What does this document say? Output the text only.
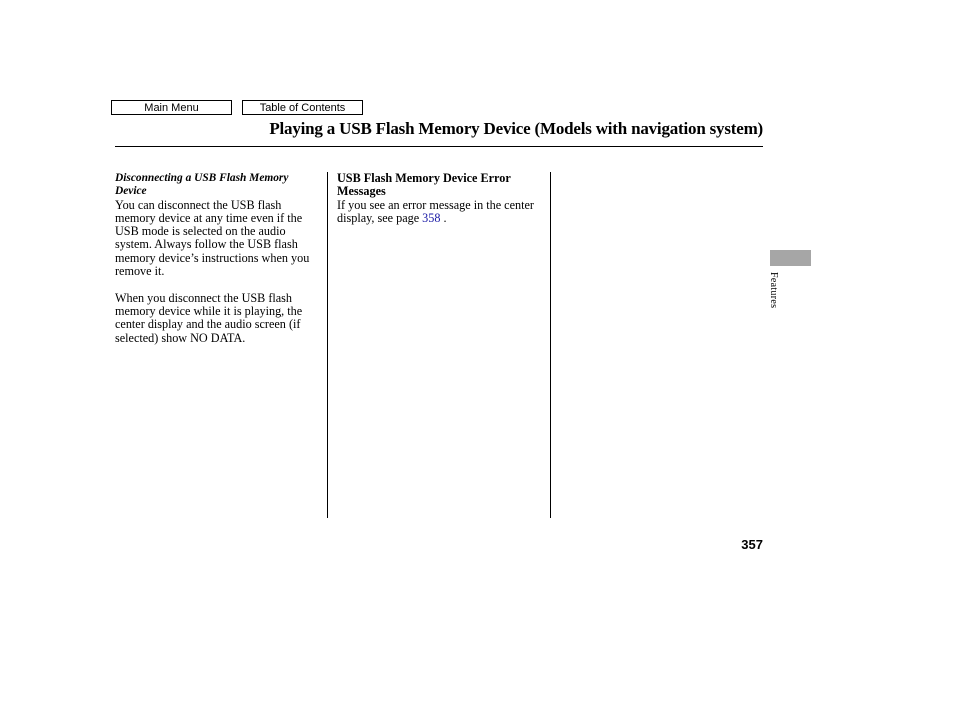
Main Menu	Table of Contents
Playing a USB Flash Memory Device (Models with navigation system)
Disconnecting a USB Flash Memory Device

You can disconnect the USB flash memory device at any time even if the USB mode is selected on the audio system. Always follow the USB flash memory device’s instructions when you remove it.

When you disconnect the USB flash memory device while it is playing, the center display and the audio screen (if selected) show NO DATA.

USB Flash Memory Device Error Messages

If you see an error message in the center display, see page 358 .

Features
357
